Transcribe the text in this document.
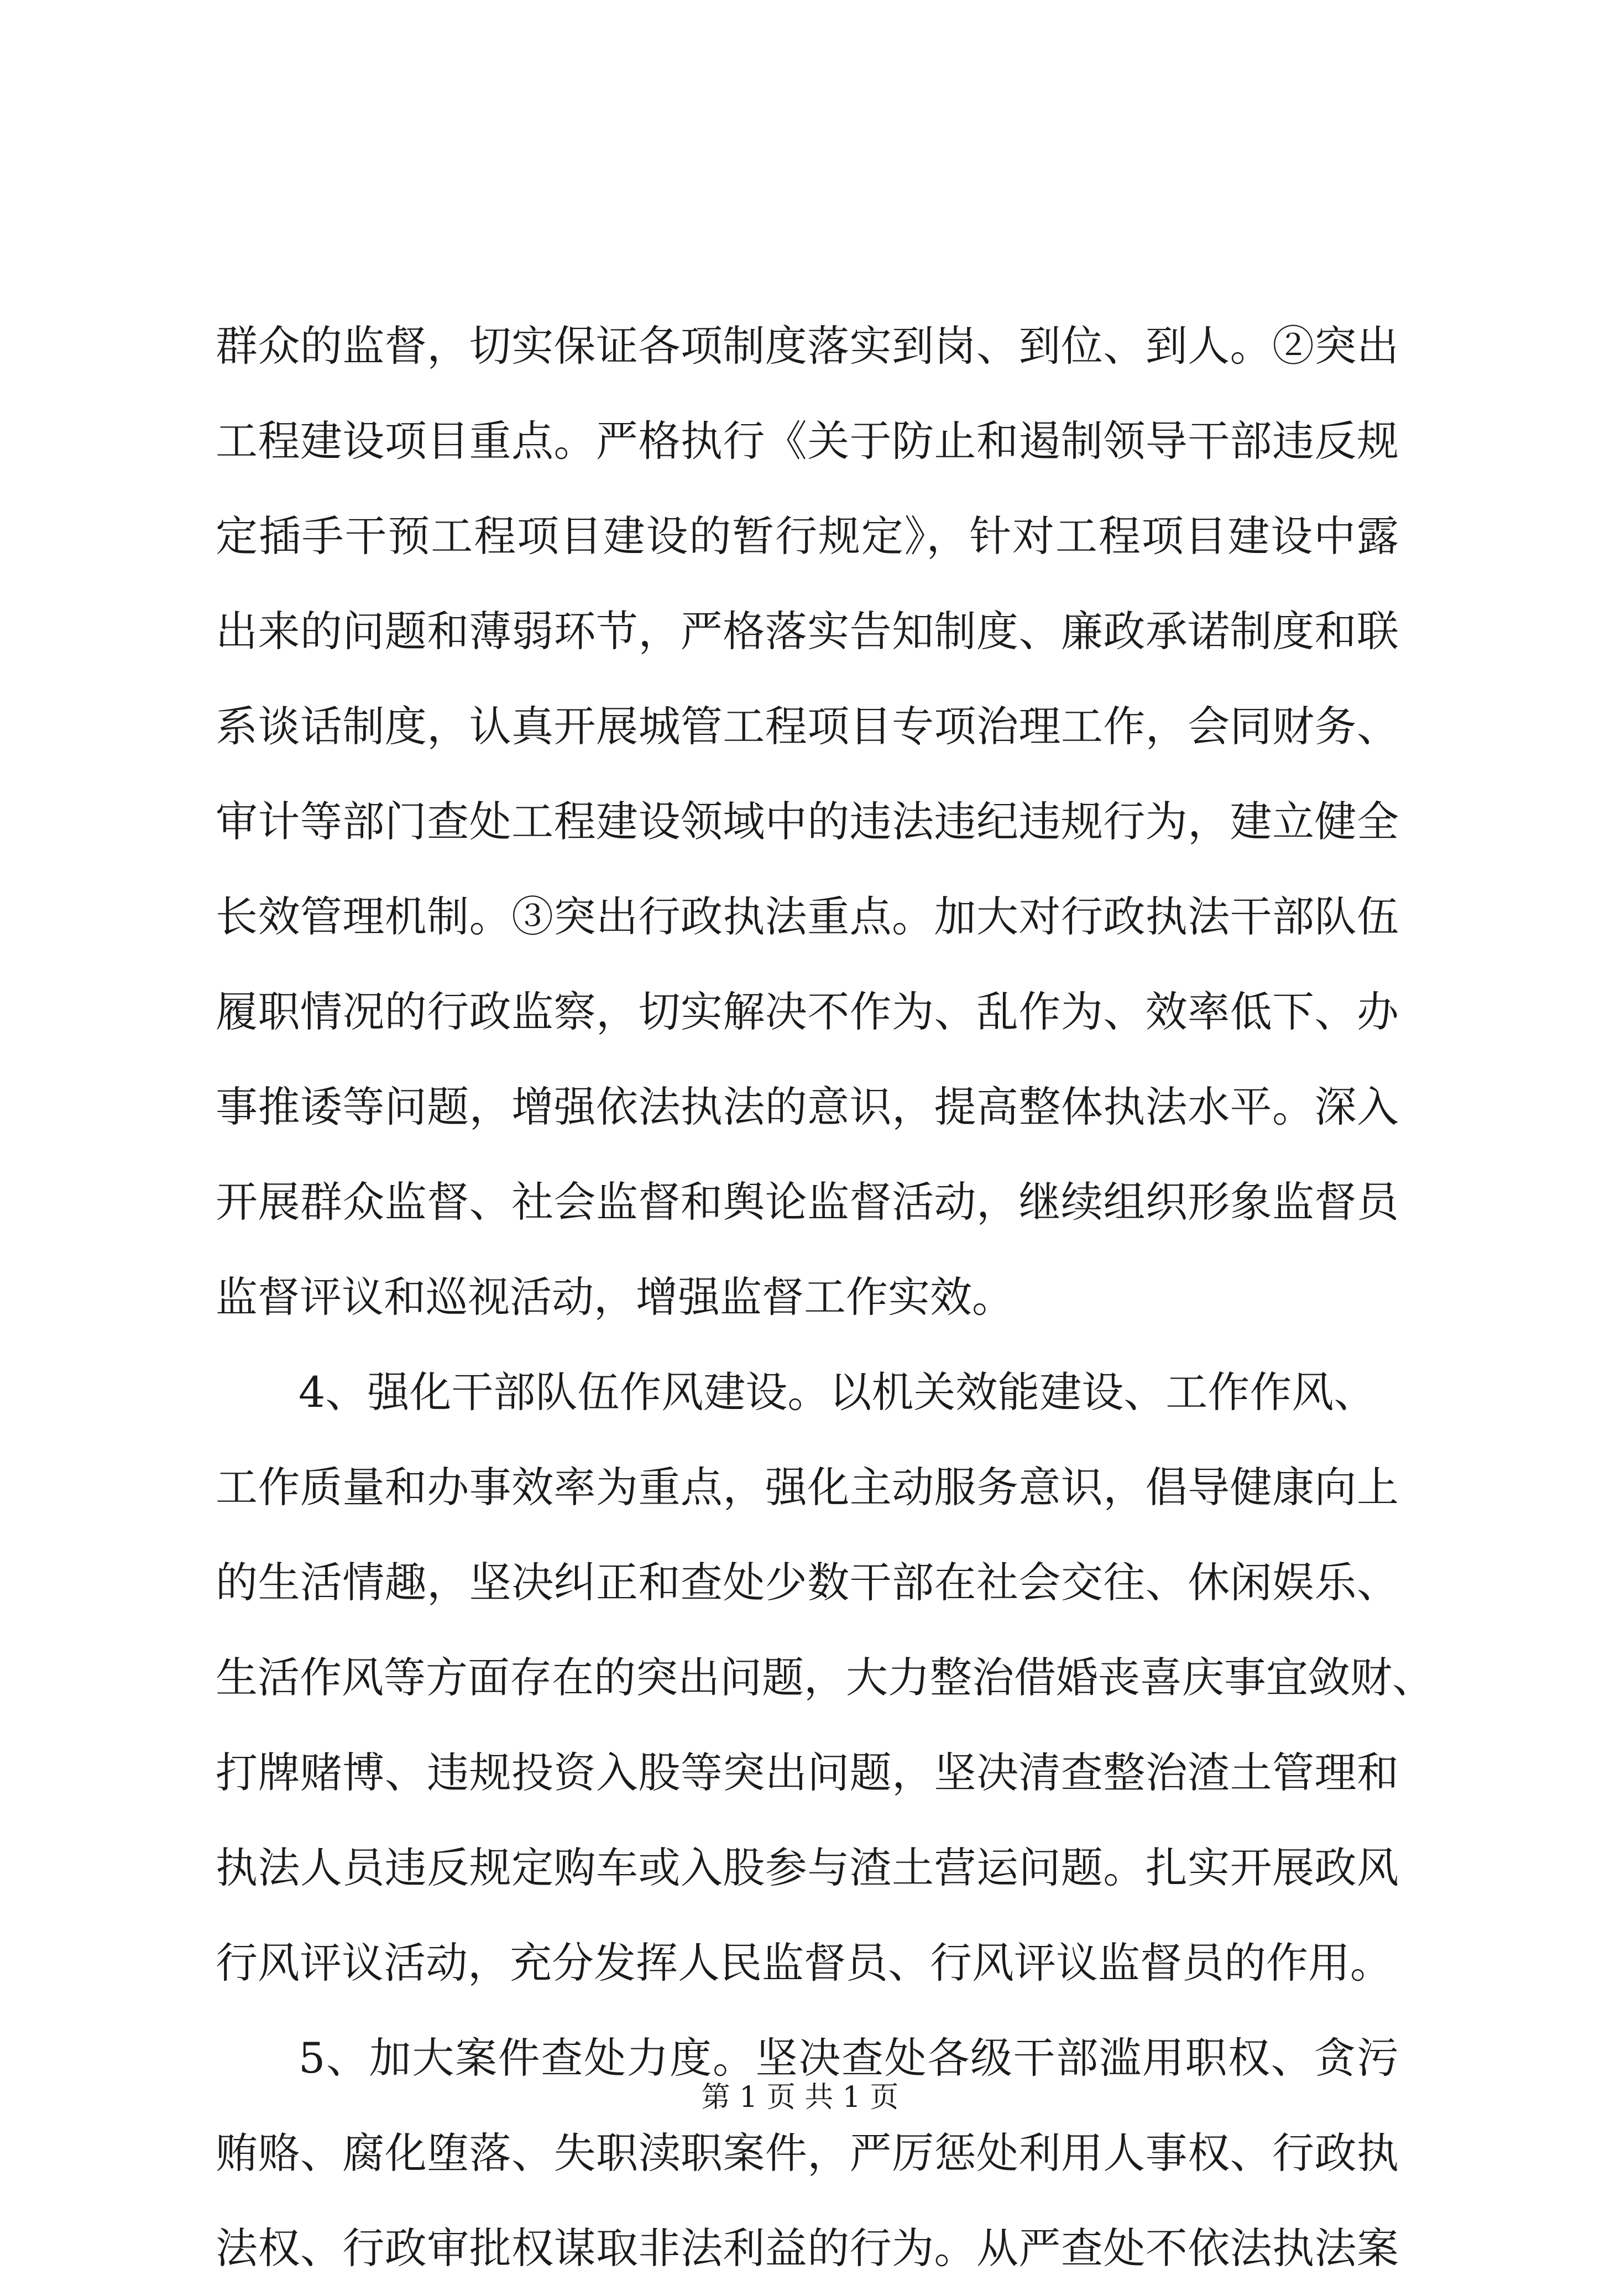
群众的监督，切实保证各项制度落实到岗、到位、到人。②突出
工程建设项目重点。严格执行《关于防止和遏制领导干部违反规
定插手干预工程项目建设的暂行规定》，针对工程项目建设中露
出来的问题和薄弱环节，严格落实告知制度、廉政承诺制度和联
系谈话制度，认真开展城管工程项目专项治理工作，会同财务、
审计等部门查处工程建设领域中的违法违纪违规行为，建立健全
长效管理机制。③突出行政执法重点。加大对行政执法干部队伍
履职情况的行政监察，切实解决不作为、乱作为、效率低下、办
事推诿等问题，增强依法执法的意识，提高整体执法水平。深入
开展群众监督、社会监督和舆论监督活动，继续组织形象监督员
监督评议和巡视活动，增强监督工作实效。
4、强化干部队伍作风建设。以机关效能建设、工作作风、
工作质量和办事效率为重点，强化主动服务意识，倡导健康向上
的生活情趣，坚决纠正和查处少数干部在社会交往、休闲娱乐、
生活作风等方面存在的突出问题，大力整治借婚丧喜庆事宜敛财、
打牌赌博、违规投资入股等突出问题，坚决清查整治渣土管理和
执法人员违反规定购车或入股参与渣土营运问题。扎实开展政风
行风评议活动，充分发挥人民监督员、行风评议监督员的作用。
5、加大案件查处力度。坚决查处各级干部滥用职权、贪污
贿赂、腐化堕落、失职渎职案件，严厉惩处利用人事权、行政执
法权、行政审批权谋取非法利益的行为。从严查处不依法执法案
第 1 页 共 1 页
